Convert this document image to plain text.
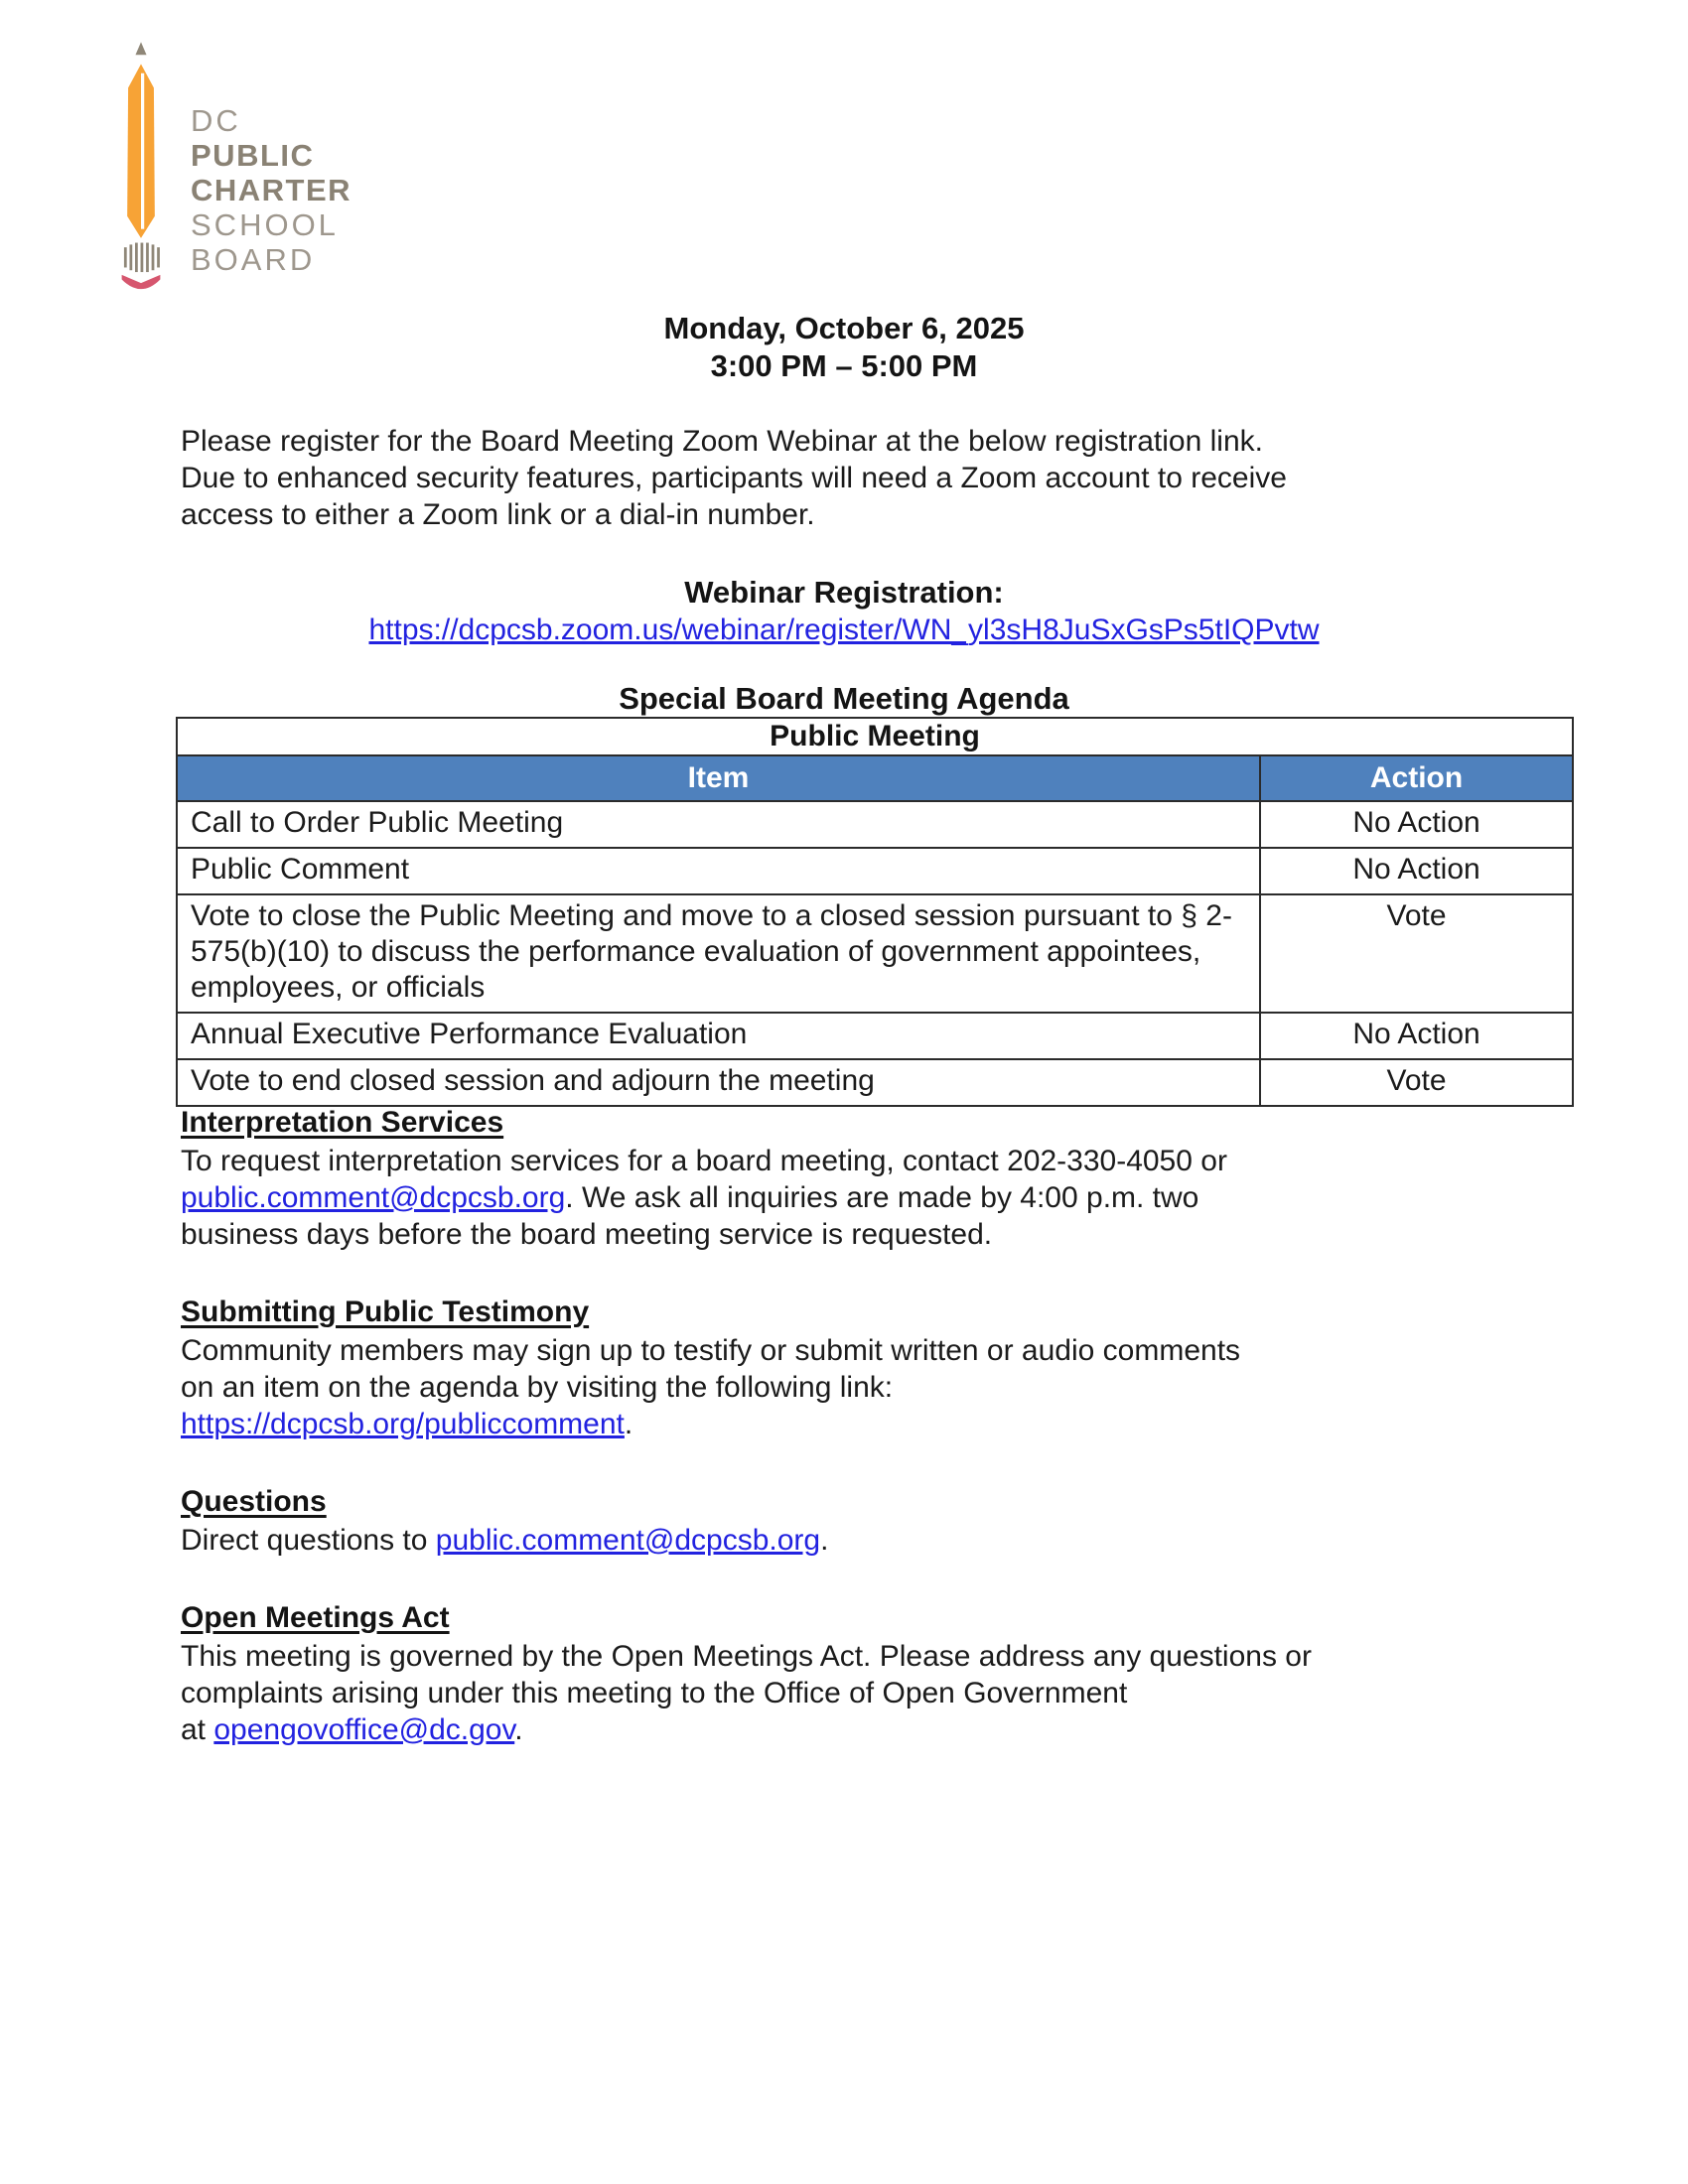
DC
PUBLIC
CHARTER
SCHOOL
BOARD
Monday, October 6, 2025
3:00 PM – 5:00 PM
Please register for the Board Meeting Zoom Webinar at the below registration link.
Due to enhanced security features, participants will need a Zoom account to receive
access to either a Zoom link or a dial-in number.
Webinar Registration:
https://dcpcsb.zoom.us/webinar/register/WN_yl3sH8JuSxGsPs5tIQPvtw
Special Board Meeting Agenda
Public Meeting	
Item	Action
Call to Order Public Meeting	No Action
Public Comment	No Action
Vote to close the Public Meeting and move to a closed session pursuant to § 2-575(b)(10) to discuss the performance evaluation of government appointees, employees, or officials	Vote
Annual Executive Performance Evaluation	No Action
Vote to end closed session and adjourn the meeting	Vote
Interpretation Services
To request interpretation services for a board meeting, contact 202-330-4050 or
public.comment@dcpcsb.org. We ask all inquiries are made by 4:00 p.m. two
business days before the board meeting service is requested.
Submitting Public Testimony
Community members may sign up to testify or submit written or audio comments
on an item on the agenda by visiting the following link:
https://dcpcsb.org/publiccomment.
Questions
Direct questions to public.comment@dcpcsb.org.
Open Meetings Act
This meeting is governed by the Open Meetings Act. Please address any questions or
complaints arising under this meeting to the Office of Open Government
at opengovoffice@dc.gov.
